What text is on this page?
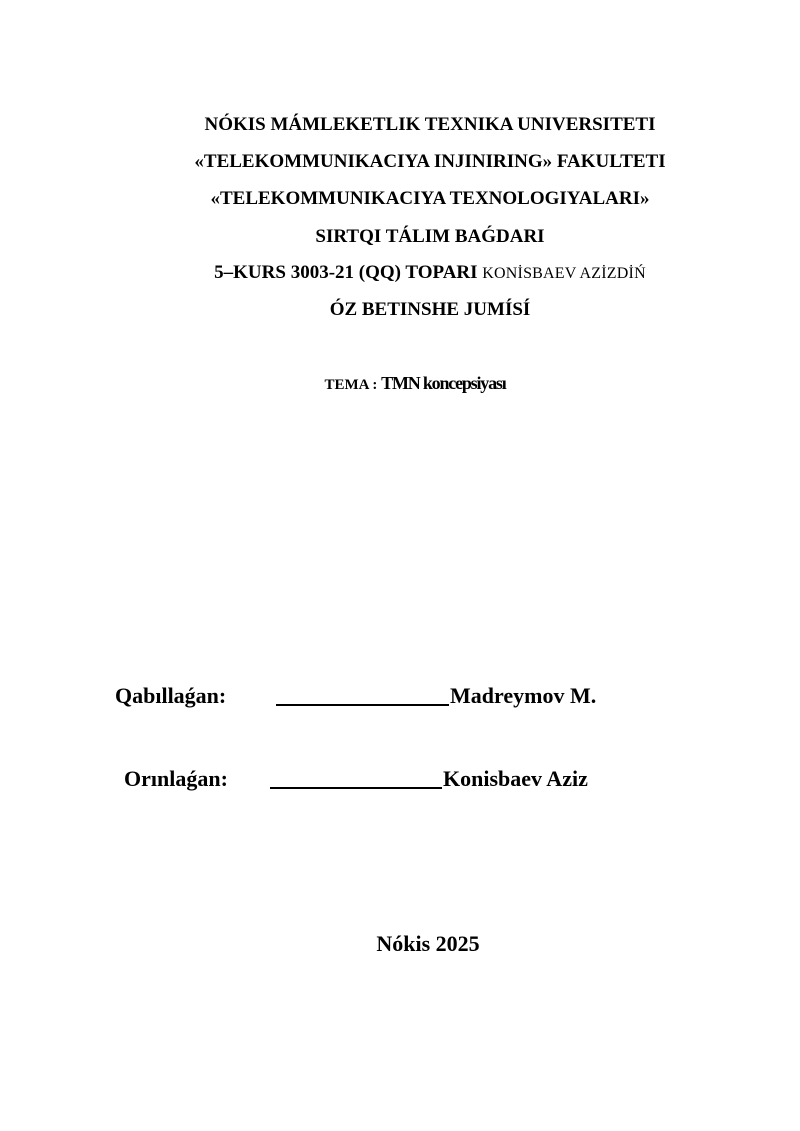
NÓKIS MÁMLEKETLIK TEXNIKA UNIVERSITETI
«TELEKOMMUNIKACIYA INJINIRING» FAKULTETI
«TELEKOMMUNIKACIYA TEXNOLOGIYALARI»
SIRTQI TÁLIM BAǴDARI
5–KURS 3003-21 (QQ) TOPARI KONİSBAEV AZİZDİŃ
ÓZ BETINSHE JUMÍSÍ
TEMA : TMN koncepsiyası
Qabıllaǵan:	Madreymov M.
Orınlaǵan:	Konisbaev Aziz
Nókis 2025
